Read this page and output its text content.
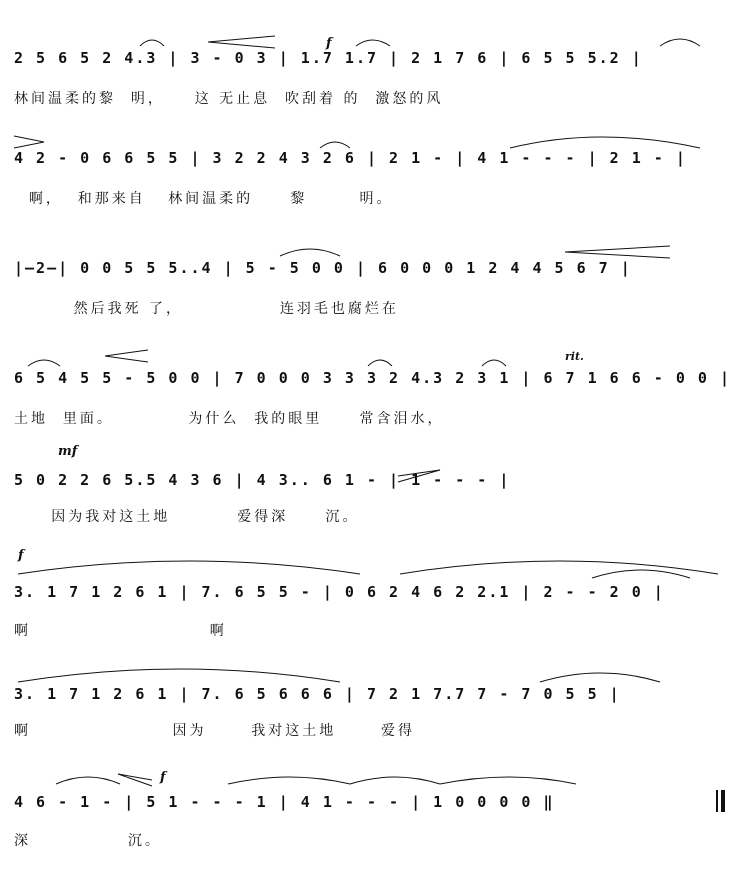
2 5 6 5 2 4.3 | 3 - 0 3 | 1.7 1.7 | 2 1 7 6 | 6 5 5 5.2 |
林间温柔的黎  明，    这 无止息  吹刮着 的  激怒的风
f
4 2 - 0 6 6 5 5 | 3 2 2 4 3 2 6 | 2 1 - | 4 1 - - - | 2 1 - |
啊，  和那来自   林间温柔的     黎       明。
|—2—| 0 0 5 5 5..4 | 5 - 5 0 0 | 6 0 0 0 1 2 4 4 5 6 7 |
然后我死 了，             连羽毛也腐烂在
6 5 4 5 5 - 5 0 0 | 7 0 0 0 3 3 3 2 4.3 2 3 1 | 6 7 1 6 6 - 0 0 |
土地  里面。          为什么  我的眼里     常含泪水，
rit.
5 0 2 2 6 5.5 4 3 6 | 4 3.. 6 1 - | 1 - - - |
因为我对这土地         爱得深     沉。
mf
3. 1 7 1 2 6 1 | 7. 6 5 5 - | 0 6 2 4 6 2 2.1 | 2 - - 2 0 |
啊                        啊
f
3. 1 7 1 2 6 1 | 7. 6 5 6 6 6 | 7 2 1 7.7 7 - 7 0 5 5 |
啊                   因为      我对这土地      爱得
4 6 - 1 - | 5 1 - - - 1 | 4 1 - - - | 1 0 0 0 0 ‖
深             沉。
f
